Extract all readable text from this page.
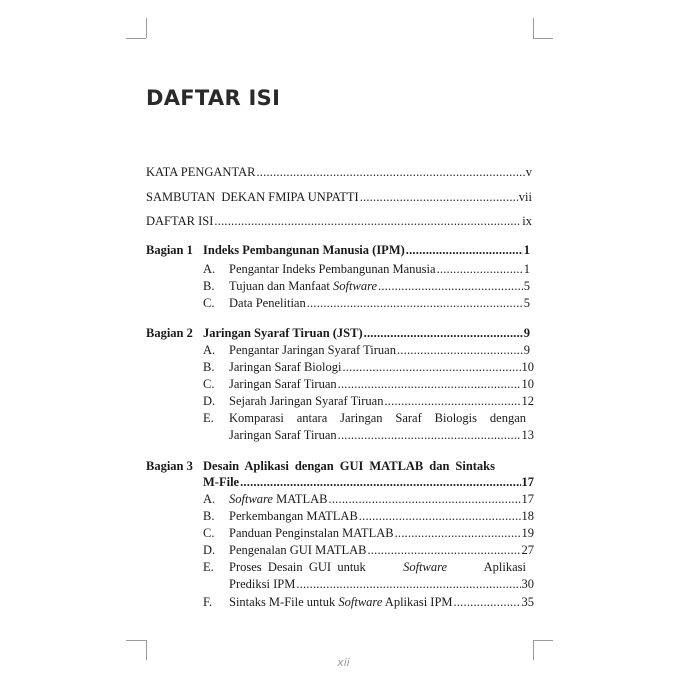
DAFTAR ISI
KATA PENGANTAR .....	v
SAMBUTAN  DEKAN FMIPA UNPATTI .....	vii
DAFTAR ISI .....	ix
Bagian 1 Indeks Pembangunan Manusia (IPM) .....	1
A. Pengantar Indeks Pembangunan Manusia .....	1
B. Tujuan dan Manfaat Software .....	5
C. Data Penelitian .....	5
Bagian 2 Jaringan Syaraf Tiruan (JST) .....	9
A. Pengantar Jaringan Syaraf Tiruan .....	9
B. Jaringan Saraf Biologi .....	10
C. Jaringan Saraf Tiruan .....	10
D. Sejarah Jaringan Syaraf Tiruan .....	12
E. Komparasi antara Jaringan Saraf Biologis dengan
Jaringan Saraf Tiruan .....	13
Bagian 3 Desain Aplikasi dengan GUI MATLAB dan Sintaks
M-File .....	17
A. Software MATLAB .....	17
B. Perkembangan MATLAB .....	18
C. Panduan Penginstalan MATLAB .....	19
D. Pengenalan GUI MATLAB .....	27
E. Proses  Desain  GUI  untuk	Software	Aplikasi
Prediksi IPM .....	30
F. Sintaks M-File untuk Software Aplikasi IPM .....	35
xii
